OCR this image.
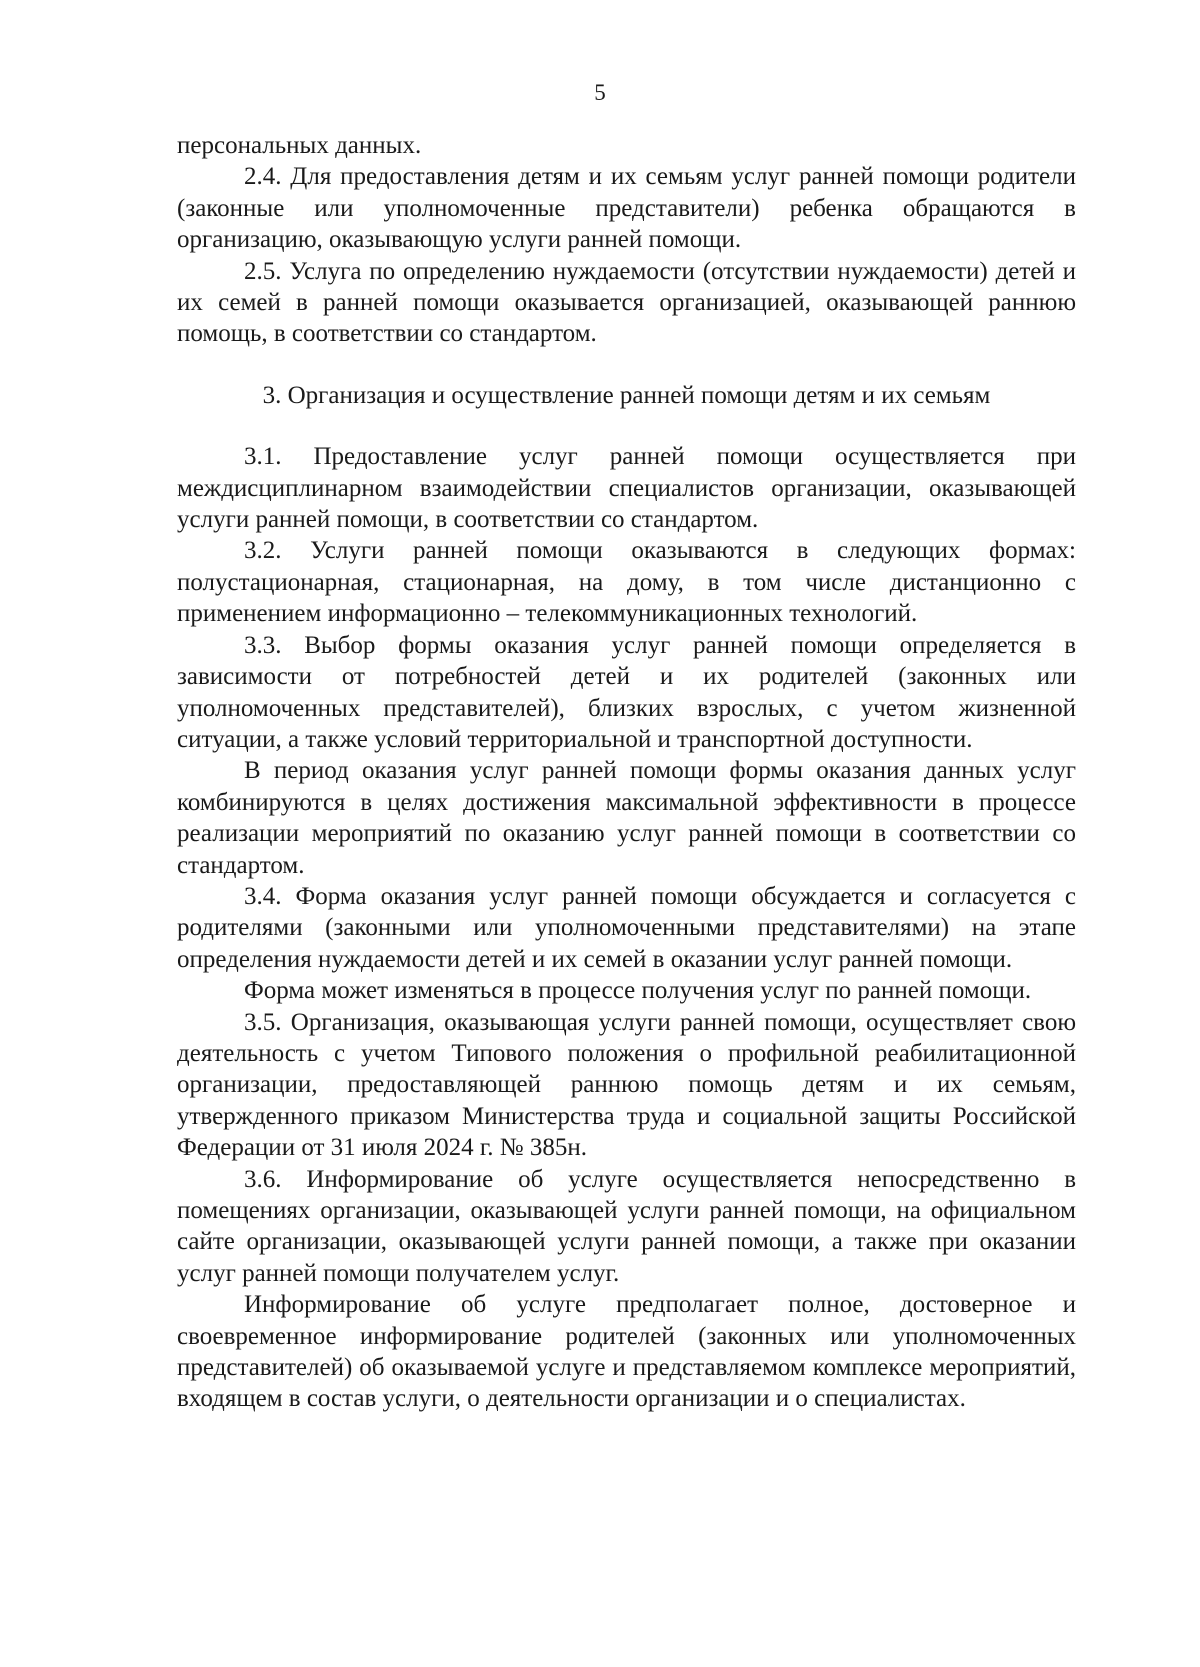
5

персональных данных.

2.4. Для предоставления детям и их семьям услуг ранней помощи родители (законные или уполномоченные представители) ребенка обращаются в организацию, оказывающую услуги ранней помощи.

2.5. Услуга по определению нуждаемости (отсутствии нуждаемости) детей и их семей в ранней помощи оказывается организацией, оказывающей раннюю помощь, в соответствии со стандартом.

3. Организация и осуществление ранней помощи детям и их семьям

3.1. Предоставление услуг ранней помощи осуществляется при междисциплинарном взаимодействии специалистов организации, оказывающей услуги ранней помощи, в соответствии со стандартом.

3.2. Услуги ранней помощи оказываются в следующих формах: полустационарная, стационарная, на дому, в том числе дистанционно с применением информационно – телекоммуникационных технологий.

3.3. Выбор формы оказания услуг ранней помощи определяется в зависимости от потребностей детей и их родителей (законных или уполномоченных представителей), близких взрослых, с учетом жизненной ситуации, а также условий территориальной и транспортной доступности.

В период оказания услуг ранней помощи формы оказания данных услуг комбинируются в целях достижения максимальной эффективности в процессе реализации мероприятий по оказанию услуг ранней помощи в соответствии со стандартом.

3.4. Форма оказания услуг ранней помощи обсуждается и согласуется с родителями (законными или уполномоченными представителями) на этапе определения нуждаемости детей и их семей в оказании услуг ранней помощи.

Форма может изменяться в процессе получения услуг по ранней помощи.

3.5. Организация, оказывающая услуги ранней помощи, осуществляет свою деятельность с учетом Типового положения о профильной реабилитационной организации, предоставляющей раннюю помощь детям и их семьям, утвержденного приказом Министерства труда и социальной защиты Российской Федерации от 31 июля 2024 г. № 385н.

3.6. Информирование об услуге осуществляется непосредственно в помещениях организации, оказывающей услуги ранней помощи, на официальном сайте организации, оказывающей услуги ранней помощи, а также при оказании услуг ранней помощи получателем услуг.

Информирование об услуге предполагает полное, достоверное и своевременное информирование родителей (законных или уполномоченных представителей) об оказываемой услуге и представляемом комплексе мероприятий, входящем в состав услуги, о деятельности организации и о специалистах.
